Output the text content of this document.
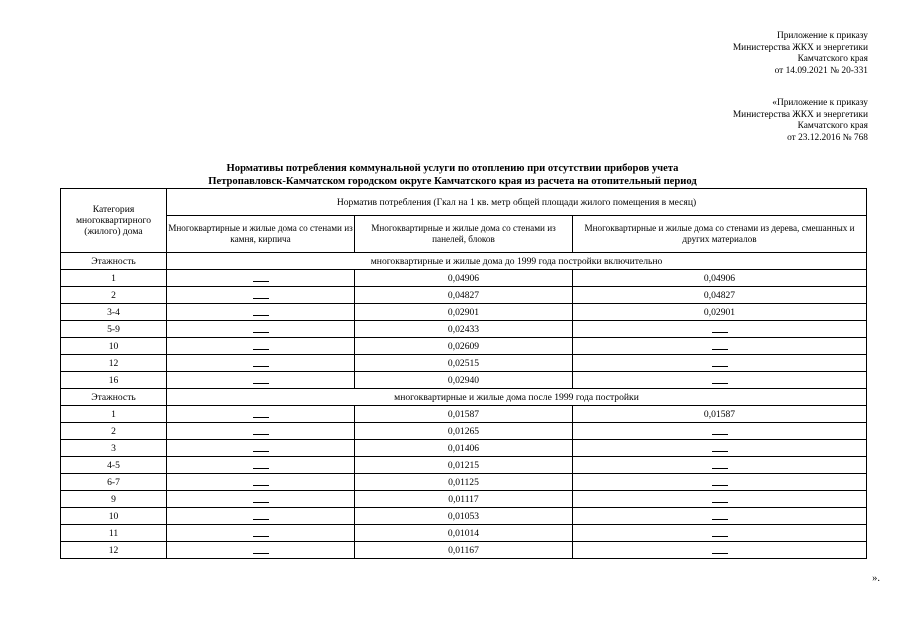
Приложение к приказу

Министерства ЖКХ и энергетики

Камчатского края

от 14.09.2021 № 20-331

«Приложение к приказу

Министерства ЖКХ и энергетики

Камчатского края

от 23.12.2016 № 768

Нормативы потребления коммунальной услуги по отоплению при отсутствии приборов учета

Петропавловск-Камчатском городском округе Камчатского края из расчета на отопительный период

Категория многоквартирного (жилого) дома	Норматив потребления (Гкал на 1 кв. метр общей площади жилого помещения в месяц)		
	Многоквартирные и жилые дома со стенами из камня, кирпича	Многоквартирные и жилые дома со стенами из панелей, блоков	Многоквартирные и жилые дома со стенами из дерева, смешанных и других материалов
Этажность	многоквартирные и жилые дома до 1999 года постройки включительно		
1		0,04906	0,04906
2		0,04827	0,04827
3-4		0,02901	0,02901
5-9		0,02433	
10		0,02609	
12		0,02515	
16		0,02940	
Этажность	многоквартирные и жилые дома после 1999 года постройки		
1		0,01587	0,01587
2		0,01265	
3		0,01406	
4-5		0,01215	
6-7		0,01125	
9		0,01117	
10		0,01053	
11		0,01014	
12		0,01167	
».
